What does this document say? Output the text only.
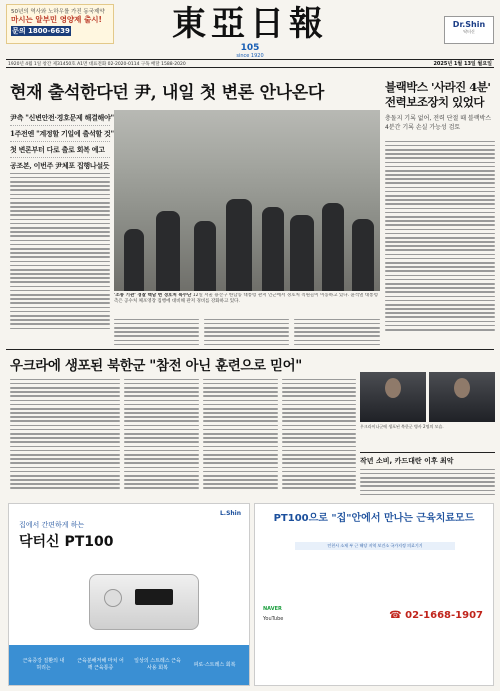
50년의 역사와 노하우를 가진 동국제약
마시는 알부민 영양제 출시!
문의 1800-6639	東亞日報
105
since 1920
Dr.Shin
닥터신
1920년 4월 1일 창간 제31450호 A1면 대표전화 02-2020-0114 구독 배달 1588-2020	2025년 1월 13일 월요일
현재 출석한다던 尹, 내일 첫 변론 안나온다
尹측 "신변안전·경호문제 해결해야"
1주전엔 "계정할 기일에 출석할 것"
첫 변론부터 다로 출로 회복 예고
공조본, 이번주 尹체포 집행나설듯
'소통 기관' 경찰 백남 변 경호처 특수단 12일 서울 용산구 한남동 대통령 관저 인근에서 경호처 직원들이 이동하고 있다. 윤석열 대통령 측은 공수처 체포영장 집행에 대비해 관저 경비를 강화하고 있다.
블랙박스 '사라진 4분' 전력보조장치 있었다
충돌지 기록 없어, 전력 단절 때 블랙박스 4분간 기록 손실 가능성 검토
우크라에 생포된 북한군 "참전 아닌 훈련으로 믿어"
우크라이나군에 생포된 북한군 병사 2명의 모습.
작년 소비, 카드대란 이후 최악
L.Shin
집에서 간편하게 하는
닥터신 PT100
근육증강 질환의 내 허리는
근육분해저해 마치 어깨 근육통증
일상의 스트레스 근육 사용 회복
피로·스트레스 회복
PT100으로 "집"안에서 만나는 근육치료모드
인천시 소재 부 근 해당 지역 보건소 국가지정 의료기기
NAVER
YouTube	☎ 02-1668-1907
